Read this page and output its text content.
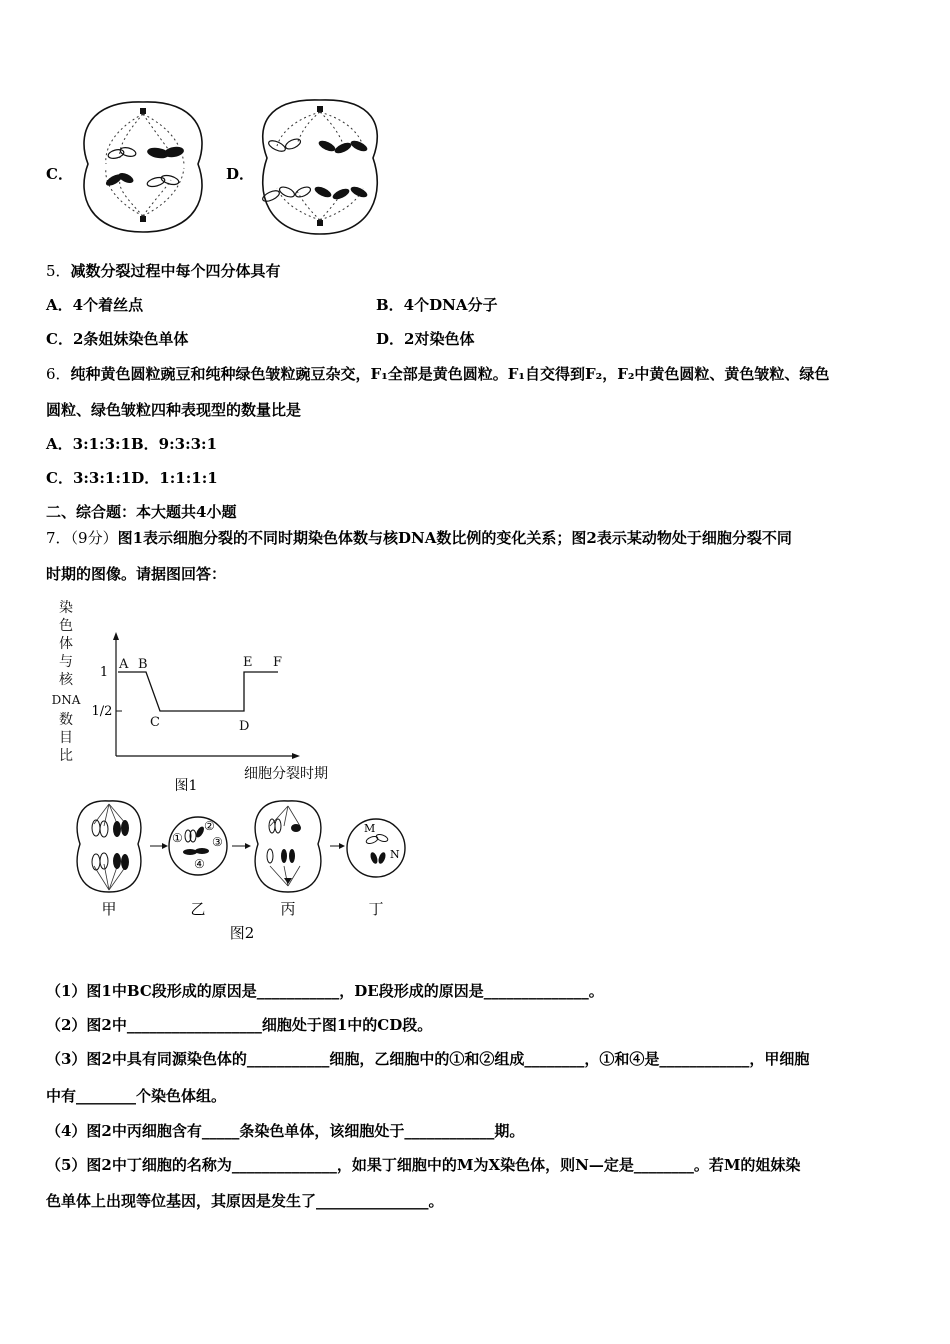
C．	D．
5．减数分裂过程中每个四分体具有
A．4个着丝点	B．4个DNA分子
C．2条姐妹染色单体	D．2对染色体
6．纯种黄色圆粒豌豆和纯种绿色皱粒豌豆杂交，F₁全部是黄色圆粒。F₁自交得到F₂，F₂中黄色圆粒、黄色皱粒、绿色
圆粒、绿色皱粒四种表现型的数量比是
A．3:1:3:1B．9:3:3:1
C．3:3:1:1D．1:1:1:1
二、综合题：本大题共4小题
7．（9分）图1表示细胞分裂的不同时期染色体数与核DNA数比例的变化关系；图2表示某动物处于细胞分裂不同
时期的图像。请据图回答：
染
色
体
与
核
DNA
数
目
比
1
1/2
A B
C	D
E F
细胞分裂时期
图1
①
②
③
④
M
N
甲	乙	丙	丁
图2
（1）图1中BC段形成的原因是___________，DE段形成的原因是______________。
（2）图2中__________________细胞处于图1中的CD段。
（3）图2中具有同源染色体的___________细胞，乙细胞中的①和②组成________，①和④是____________，甲细胞
中有________个染色体组。
（4）图2中丙细胞含有_____条染色单体，该细胞处于____________期。
（5）图2中丁细胞的名称为______________，如果丁细胞中的M为X染色体，则N—定是________。若M的姐妹染
色单体上出现等位基因，其原因是发生了_______________。
